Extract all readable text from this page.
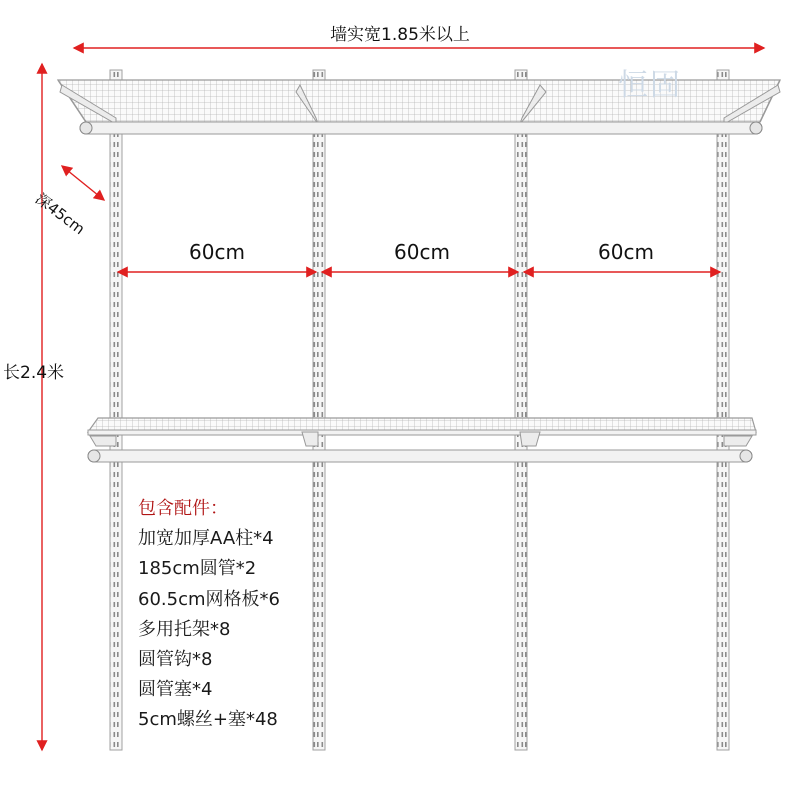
墙实宽1.85米以上
深45cm
长2.4米
60cm	60cm	60cm
恒固
包含配件：
加宽加厚AA柱*4
185cm圆管*2
60.5cm网格板*6
多用托架*8
圆管钩*8
圆管塞*4
5cm螺丝+塞*48
